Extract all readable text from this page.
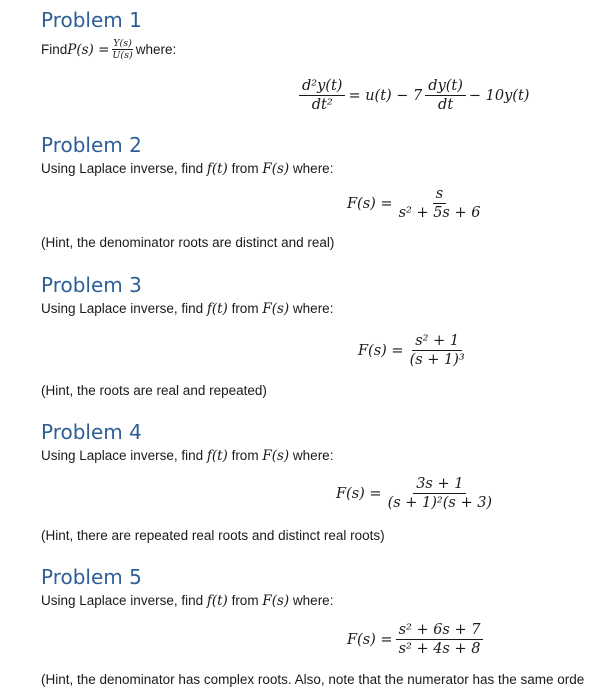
Problem 1
Find $P(s) = \frac{Y(s)}{U(s)}$ where:
$\frac{\text{d²y(t)}}{\text{dt²}} = u(t) - 7 \frac{dy(t)}{dt} - 10y(t)$
Problem 2
Using Laplace inverse, find f(t) from F(s) where:
$F(s) = \frac{s}{\text{s² + 5s + 6}}$
(Hint, the denominator roots are distinct and real)
Problem 3
Using Laplace inverse, find f(t) from F(s) where:
$F(s) = \frac{\text{s² + 1}}{\text{(s + 1)³}}$
(Hint, the roots are real and repeated)
Problem 4
Using Laplace inverse, find f(t) from F(s) where:
$F(s) = \frac{3s + 1}{\text{(s + 1)²(s + 3)}}$
(Hint, there are repeated real roots and distinct real roots)
Problem 5
Using Laplace inverse, find f(t) from F(s) where:
$F(s) = \frac{\text{s² + 6s + 7}}{\text{s² + 4s + 8}}$
(Hint, the denominator has complex roots. Also, note that the numerator has the same orde
